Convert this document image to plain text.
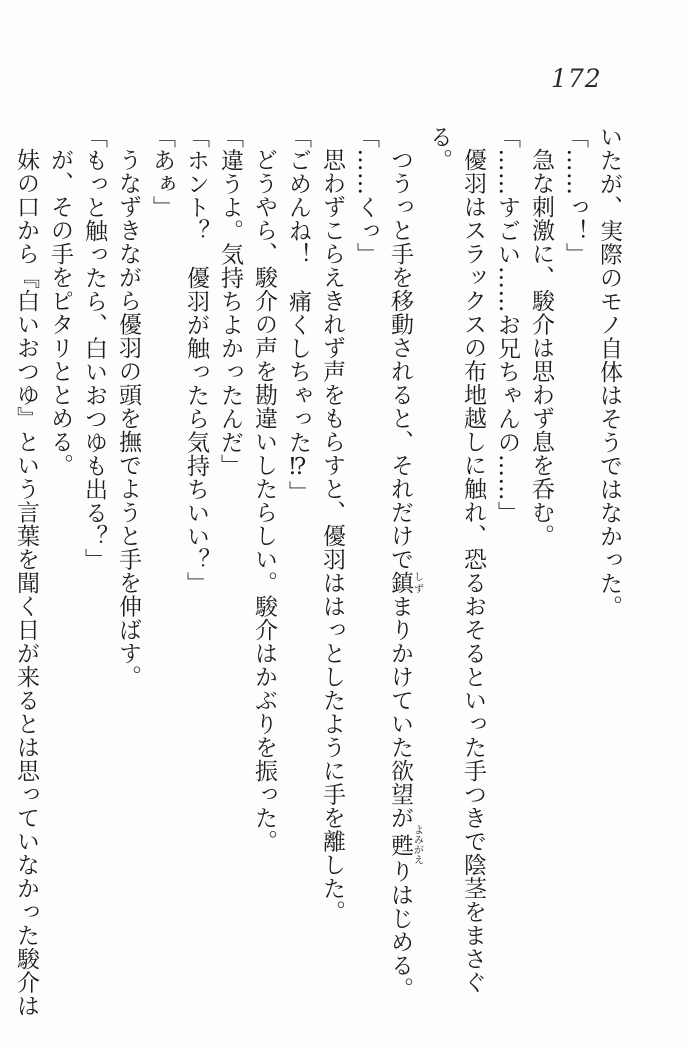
172

いたが、実際のモノ自体はそうではなかった。

「……っ！」

急な刺激に、駿介は思わず息を呑む。

「……すごい……お兄ちゃんの……」

優羽はスラックスの布地越しに触れ、恐るおそるといった手つきで陰茎をまさぐる。

つうっと手を移動されると、それだけで鎮しずまりかけていた欲望が甦よみがえりはじめる。

「……くっ」

思わずこらえきれず声をもらすと、優羽ははっとしたように手を離した。

「ごめんね！　痛くしちゃった⁉」

どうやら、駿介の声を勘違いしたらしい。駿介はかぶりを振った。

「違うよ。気持ちよかったんだ」

「ホント？　優羽が触ったら気持ちいい？」

「あぁ」

うなずきながら優羽の頭を撫でようと手を伸ばす。

「もっと触ったら、白いおつゆも出る？」

が、その手をピタリととめる。

妹の口から『白いおつゆ』という言葉を聞く日が来るとは思っていなかった駿介は
